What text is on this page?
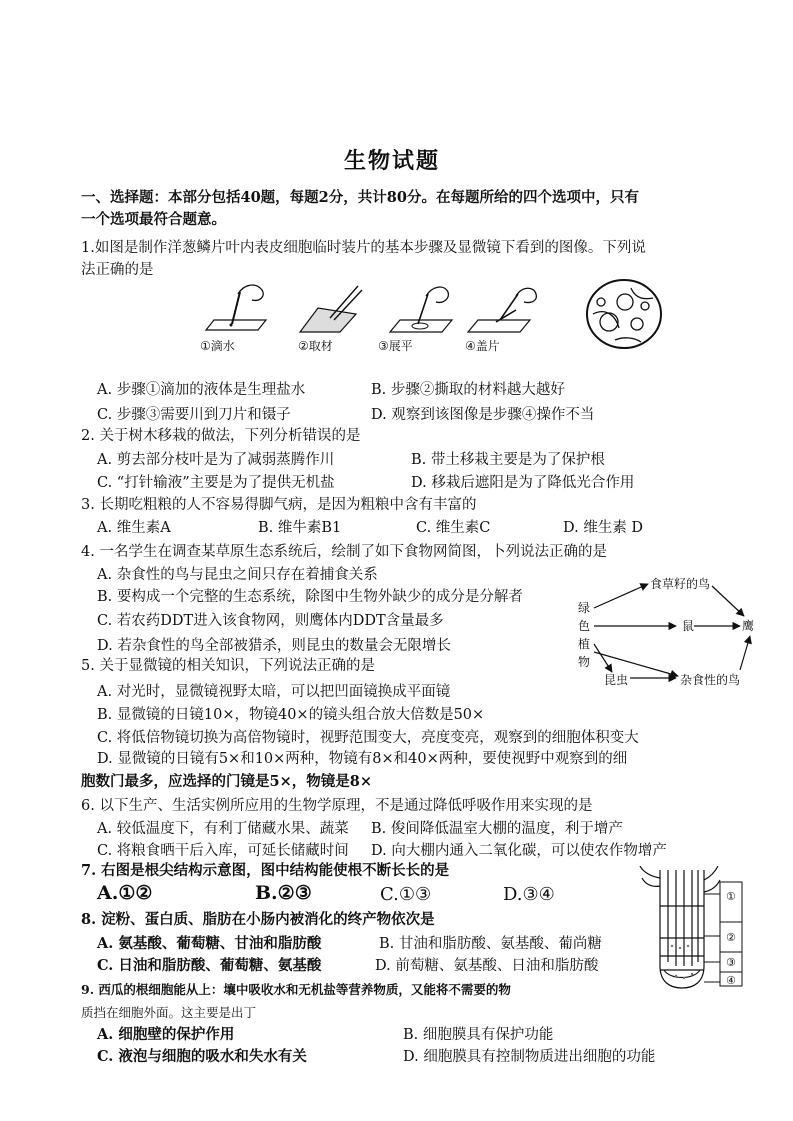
生物试题
一、选择题：本部分包括40题，每题2分，共计80分。在每题所给的四个选项中，只有
一个选项最符合题意。
1.如图是制作洋葱鳞片叶内表皮细胞临时装片的基本步骤及显微镜下看到的图像。下列说
法正确的是
①滴水	②取材	③展平	④盖片
A. 步骤①滴加的液体是生理盐水	B. 步骤②撕取的材料越大越好
C. 步骤③需要川到刀片和镊子	D. 观察到该图像是步骤④操作不当
2. 关于树木移栽的做法，下列分析错误的是
A. 剪去部分枝叶是为了减弱蒸腾作川	B. 带土移栽主要是为了保护根
C. “打针输液”主要是为了提供无机盐	D. 移栽后遮阳是为了降低光合作用
3. 长期吃粗粮的人不容易得脚气病，是因为粗粮中含有丰富的
A. 维生素A	B. 维牛素B1	C. 维生素C	D. 维生素 D
4. 一名学生在调查某草原生态系统后，绘制了如下食物网简图，卜列说法正确的是
A. 杂食性的鸟与昆虫之间只存在着捕食关系
B. 要构成一个完整的生态系统，除图中生物外缺少的成分是分解者
C. 若农药DDT进入该食物网，则鹰体内DDT含量最多
D. 若杂食性的鸟全部被猎杀，则昆虫的数量会无限增长
绿
色
植
物
食草籽的鸟
鼠	鹰
昆虫	杂食性的鸟
5. 关于显微镜的相关知识，下列说法正确的是
A. 对光时，显微镜视野太暗，可以把凹面镜换成平面镜
B. 显微镜的日镜10×，物镜40×的镜头组合放大倍数是50×
C. 将低倍物镜切换为高倍物镜时，视野范围变大，亮度变亮，观察到的细胞体积变大
D. 显微镜的日镜有5×和10×两种，物镜有8×和40×两种，要使视野中观察到的细
胞数门最多，应选择的门镜是5×，物镜是8×
6. 以下生产、生活实例所应用的生物学原理，不是通过降低呼吸作用来实现的是
A. 较低温度下，有利丁储藏水果、蔬菜 B. 俊间降低温室大棚的温度，利于增产
C. 将粮食晒干后入库，可延长储藏时间 D. 向大棚内通入二氧化碳，可以使农作物增产
7. 右图是根尖结构示意图，图中结构能使根不断长长的是
A.①②	B.②③	C.①③	D.③④	①
②
③
④
8. 淀粉、蛋白质、脂肪在小肠内被消化的终产物依次是
A. 氨基酸、葡萄糖、甘油和脂肪酸	B. 甘油和脂肪酸、氨基酸、葡尚糖
C. 日油和脂肪酸、葡萄糖、氨基酸	D. 前萄糖、氨基酸、日油和脂肪酸
9. 西瓜的根细胞能从上：壤中吸收水和无机盐等营养物质，又能将不需要的物
质挡在细胞外面。这主要是出丁
A. 细胞壁的保护作用	B. 细胞膜具有保护功能
C. 液泡与细胞的吸水和失水有关	D. 细胞膜具有控制物质进出细胞的功能
